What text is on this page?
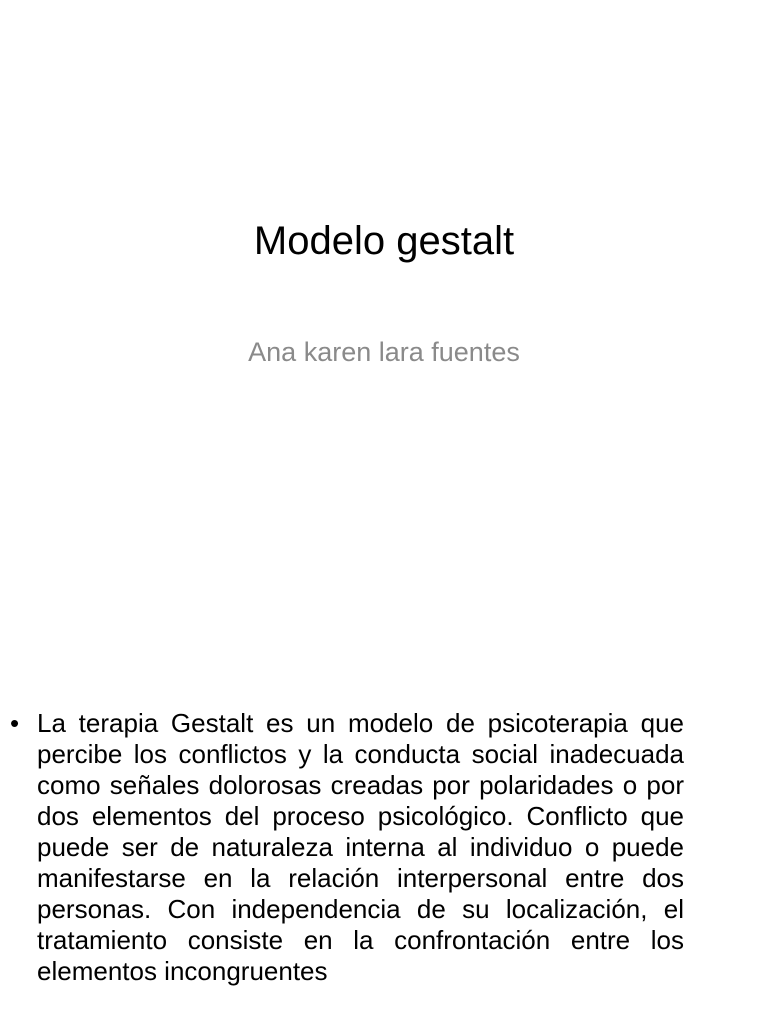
Modelo gestalt
Ana karen lara fuentes
• La terapia Gestalt es un modelo de psicoterapia que percibe los conflictos y la conducta social inadecuada como señales dolorosas creadas por polaridades o por dos elementos del proceso psicológico. Conflicto que puede ser de naturaleza interna al individuo o puede manifestarse en la relación interpersonal entre dos personas. Con independencia de su localización, el tratamiento consiste en la confrontación entre los elementos incongruentes
